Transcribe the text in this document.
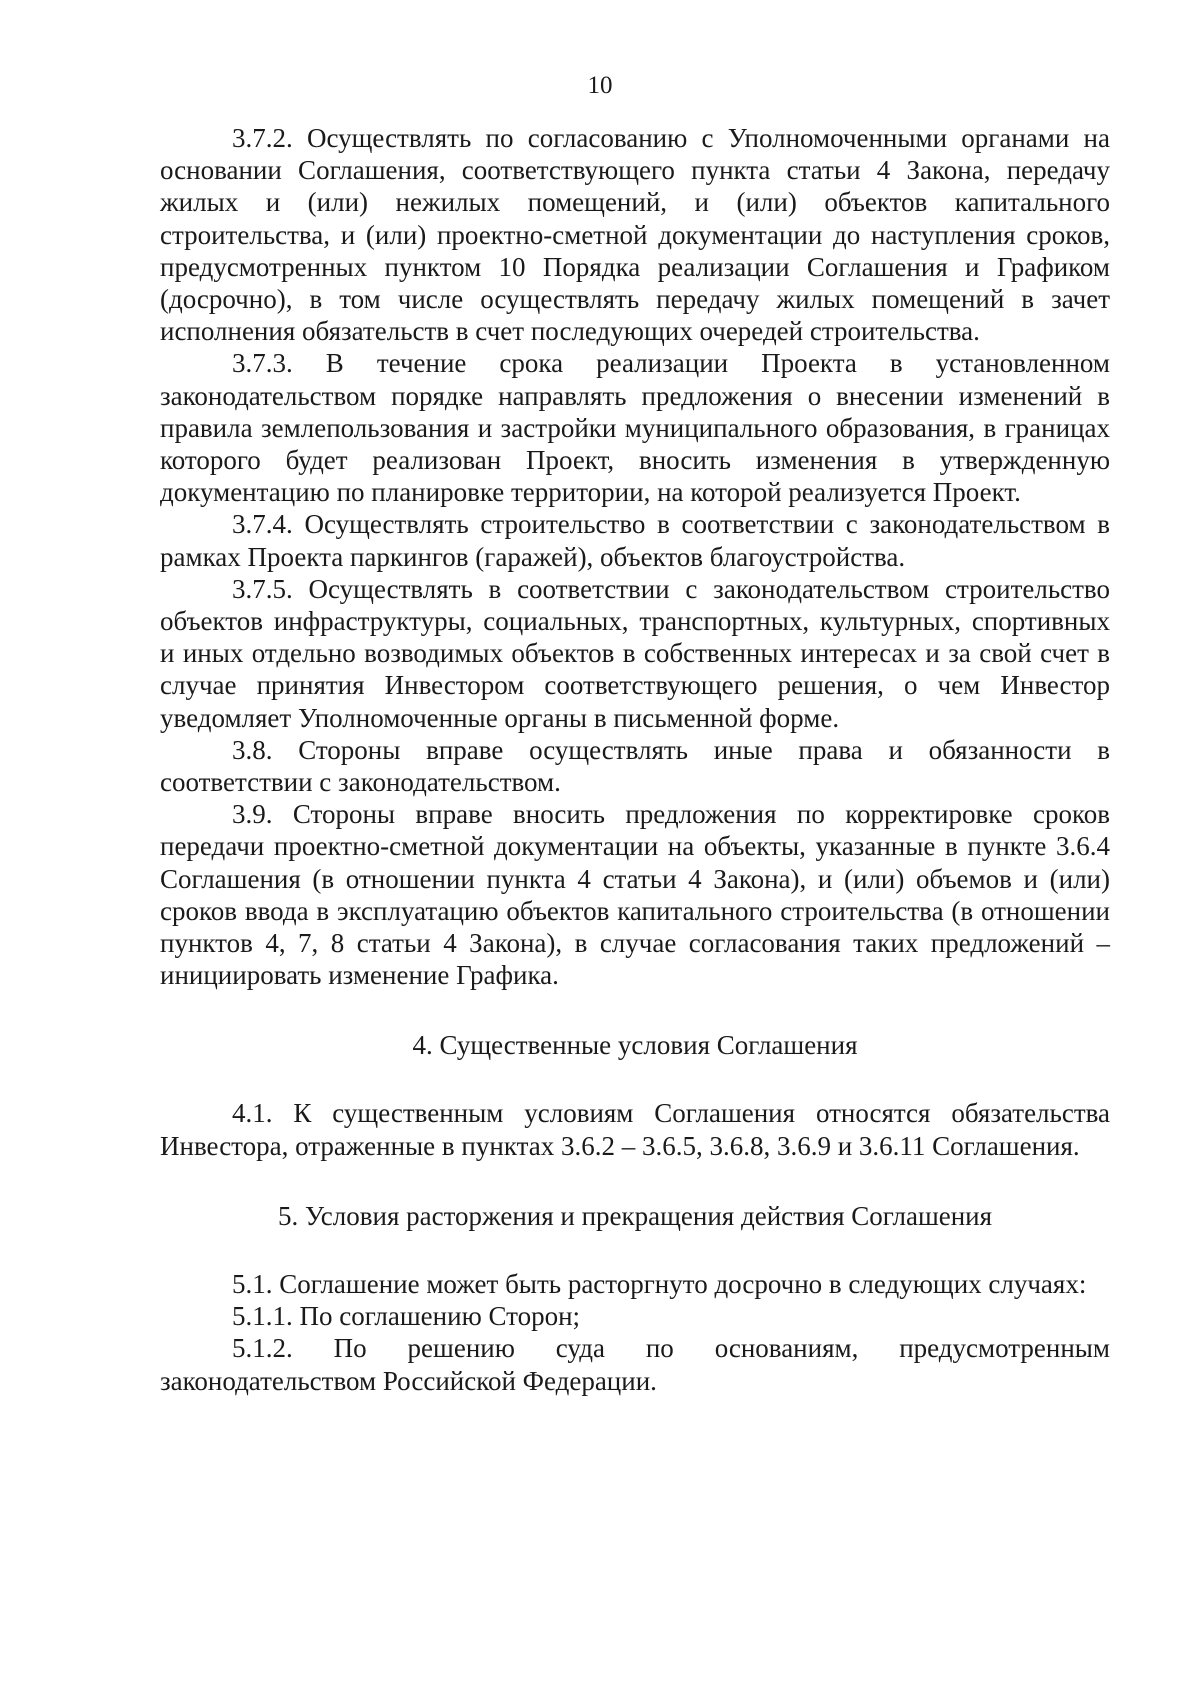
10

3.7.2. Осуществлять по согласованию с Уполномоченными органами на основании Соглашения, соответствующего пункта статьи 4 Закона, передачу жилых и (или) нежилых помещений, и (или) объектов капитального строительства, и (или) проектно-сметной документации до наступления сроков, предусмотренных пунктом 10 Порядка реализации Соглашения и Графиком (досрочно), в том числе осуществлять передачу жилых помещений в зачет исполнения обязательств в счет последующих очередей строительства.

3.7.3. В течение срока реализации Проекта в установленном законодательством порядке направлять предложения о внесении изменений в правила землепользования и застройки муниципального образования, в границах которого будет реализован Проект, вносить изменения в утвержденную документацию по планировке территории, на которой реализуется Проект.

3.7.4. Осуществлять строительство в соответствии с законодательством в рамках Проекта паркингов (гаражей), объектов благоустройства.

3.7.5. Осуществлять в соответствии с законодательством строительство объектов инфраструктуры, социальных, транспортных, культурных, спортивных и иных отдельно возводимых объектов в собственных интересах и за свой счет в случае принятия Инвестором соответствующего решения, о чем Инвестор уведомляет Уполномоченные органы в письменной форме.

3.8. Стороны вправе осуществлять иные права и обязанности в соответствии с законодательством.

3.9. Стороны вправе вносить предложения по корректировке сроков передачи проектно-сметной документации на объекты, указанные в пункте 3.6.4 Соглашения (в отношении пункта 4 статьи 4 Закона), и (или) объемов и (или) сроков ввода в эксплуатацию объектов капитального строительства (в отношении пунктов 4, 7, 8 статьи 4 Закона), в случае согласования таких предложений – инициировать изменение Графика.

4. Существенные условия Соглашения

4.1. К существенным условиям Соглашения относятся обязательства Инвестора, отраженные в пунктах 3.6.2 – 3.6.5, 3.6.8, 3.6.9 и 3.6.11 Соглашения.

5. Условия расторжения и прекращения действия Соглашения

5.1. Соглашение может быть расторгнуто досрочно в следующих случаях:

5.1.1. По соглашению Сторон;

5.1.2. По решению суда по основаниям, предусмотренным законодательством Российской Федерации.
